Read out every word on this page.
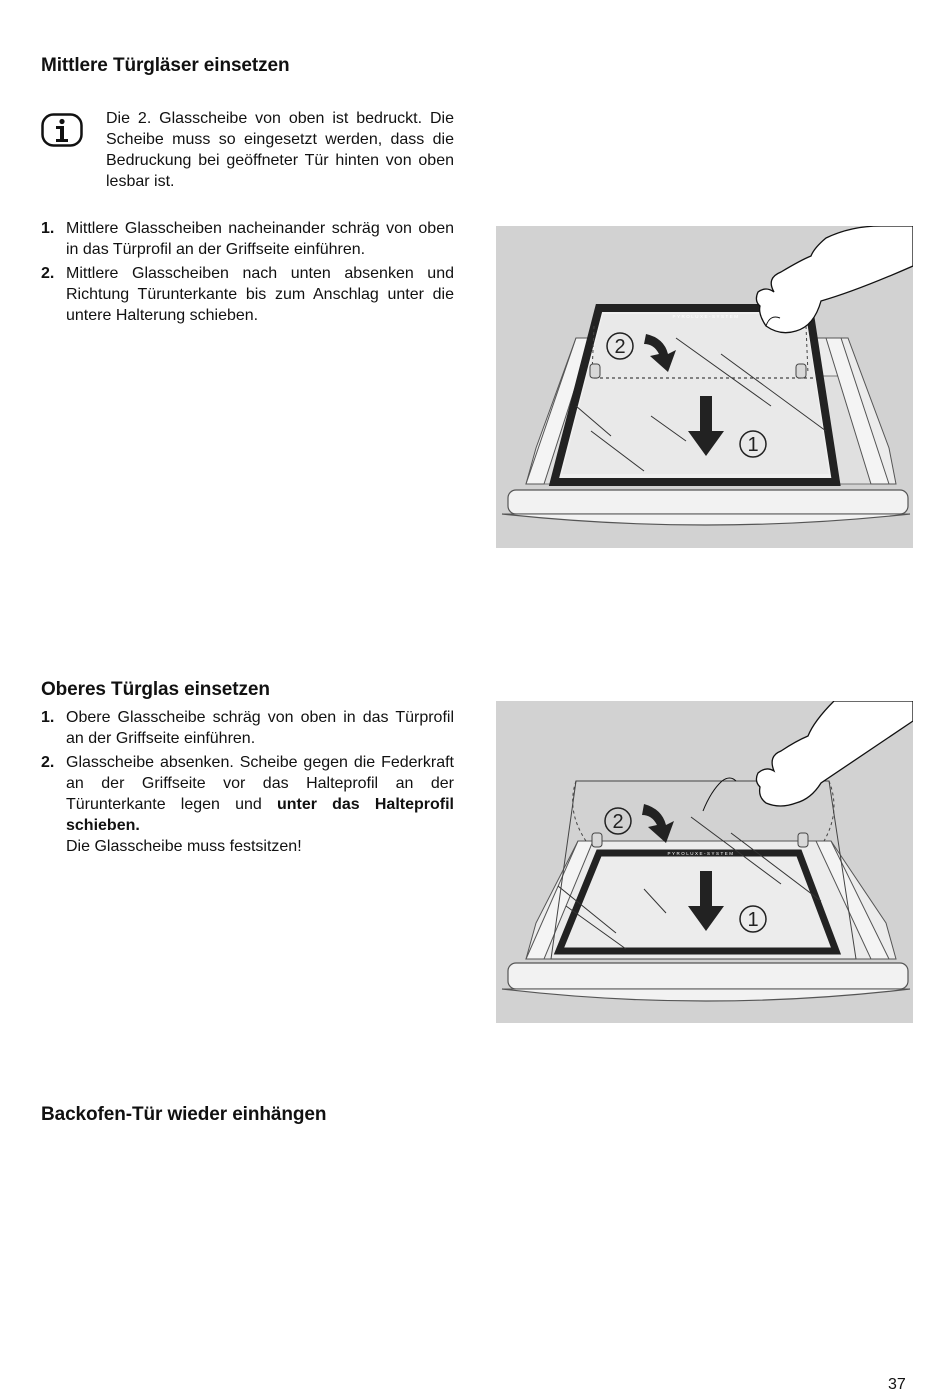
Mittlere Türgläser einsetzen
Die 2. Glasscheibe von oben ist bedruckt. Die Scheibe muss so eingesetzt werden, dass die Bedruckung bei geöffneter Tür hinten von oben lesbar ist.
1. Mittlere Glasscheiben nacheinander schräg von oben in das Türprofil an der Griffseite einführen.
2. Mittlere Glasscheiben nach unten absenken und Richtung Türunterkante bis zum Anschlag unter die untere Halterung schieben.	PYROLUXE-SYSTEM
1
2
Oberes Türglas einsetzen
1. Obere Glasscheibe schräg von oben in das Türprofil an der Griffseite einführen.
2. Glasscheibe absenken. Scheibe gegen die Federkraft an der Griffseite vor das Halteprofil an der Türunterkante legen und unter das Halteprofil schieben.
Die Glasscheibe muss festsitzen!	PYROLUXE-SYSTEM
1
2
Backofen-Tür wieder einhängen
37
